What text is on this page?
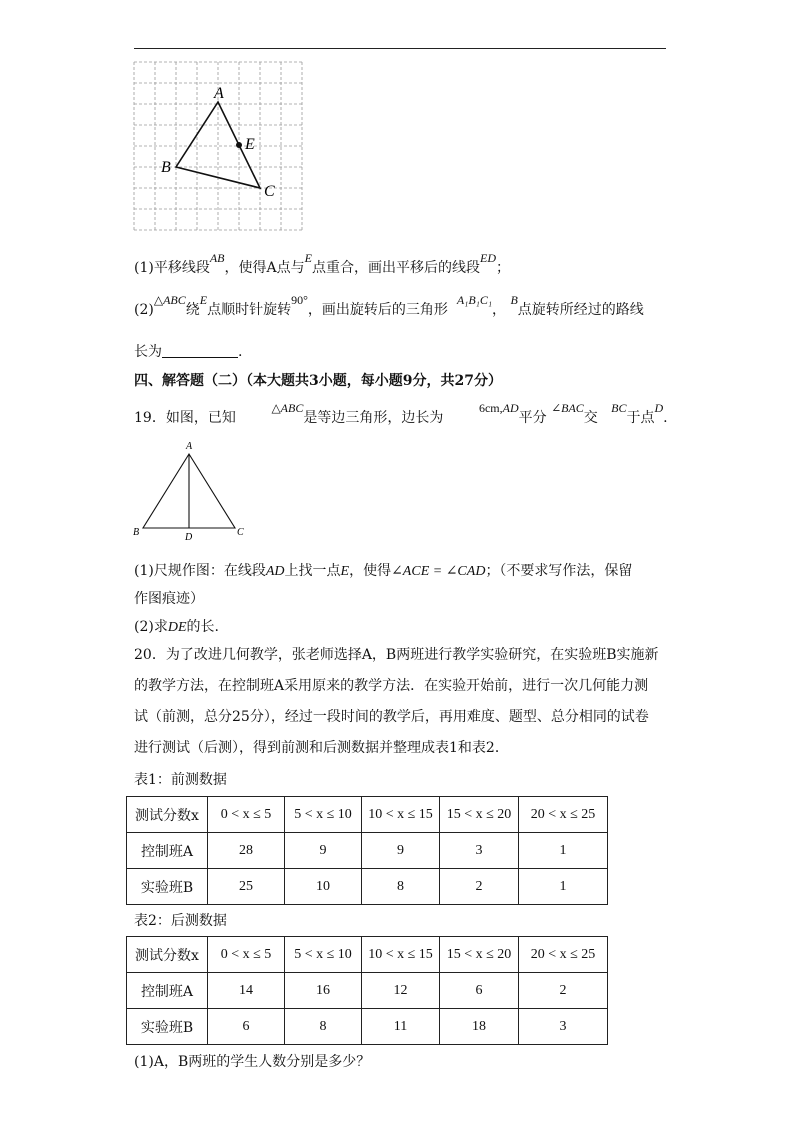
A
B
C
E
(1)平移线段AB，使得A点与E点重合，画出平移后的线段ED；
(2)△ABC绕E点顺时针旋转90°，画出旋转后的三角形  A₁B₁C₁， B点旋转所经过的路线
长为	.
四、解答题（二）（本大题共3小题，每小题9分，共27分）
19．如图，已知        △ABC是等边三角形，边长为        6cm,AD平分 ∠BAC交   BC于点D.
A
B	C
D
(1)尺规作图：在线段AD上找一点E，使得∠ACE = ∠CAD；（不要求写作法，保留
作图痕迹）
(2)求DE的长.
20．为了改进几何教学，张老师选择A，B两班进行教学实验研究，在实验班B实施新
的教学方法，在控制班A采用原来的教学方法．在实验开始前，进行一次几何能力测
试（前测，总分25分），经过一段时间的教学后，再用难度、题型、总分相同的试卷
进行测试（后测），得到前测和后测数据并整理成表1和表2．
表1：前测数据
测试分数x	0 < x ≤ 5	5 < x ≤ 10	10 < x ≤ 15	15 < x ≤ 20	20 < x ≤ 25
控制班A	28	9	9	3	1
实验班B	25	10	8	2	1
表2：后测数据
测试分数x	0 < x ≤ 5	5 < x ≤ 10	10 < x ≤ 15	15 < x ≤ 20	20 < x ≤ 25
控制班A	14	16	12	6	2
实验班B	6	8	11	18	3
(1)A，B两班的学生人数分别是多少？
